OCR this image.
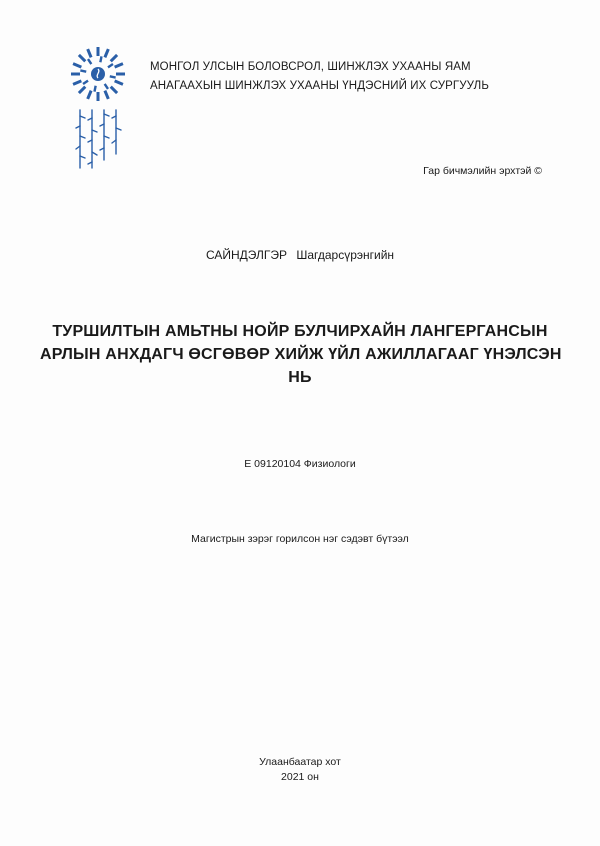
МОНГОЛ УЛСЫН БОЛОВСРОЛ, ШИНЖЛЭХ УХААНЫ ЯАМ
АНАГААХЫН ШИНЖЛЭХ УХААНЫ ҮНДЭСНИЙ ИХ СУРГУУЛЬ
Гар бичмэлийн эрхтэй ©
САЙНДЭЛГЭР Шагдарсүрэнгийн
ТУРШИЛТЫН АМЬТНЫ НОЙР БУЛЧИРХАЙН ЛАНГЕРГАНСЫН
АРЛЫН АНХДАГЧ ӨСГӨВӨР ХИЙЖ ҮЙЛ АЖИЛЛАГААГ ҮНЭЛСЭН
НЬ
Е 09120104 Физиологи
Магистрын зэрэг горилсон нэг сэдэвт бүтээл
Улаанбаатар хот
2021 он
